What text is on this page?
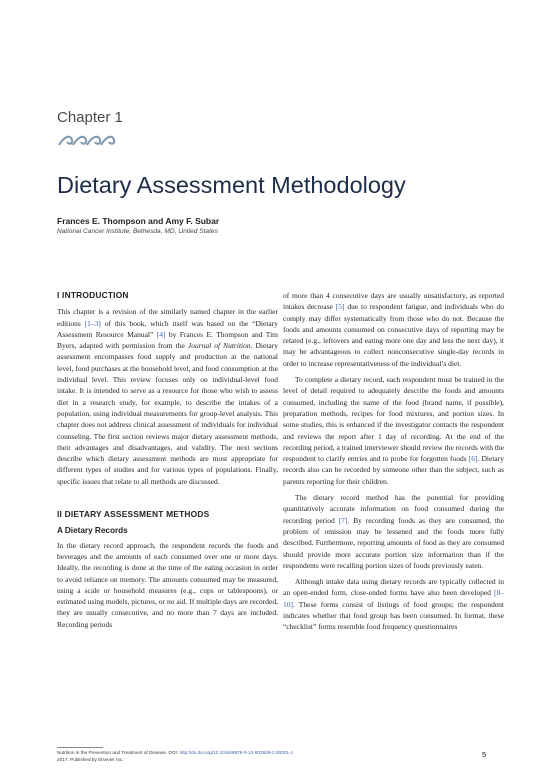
Chapter 1
Dietary Assessment Methodology
Frances E. Thompson and Amy F. Subar
National Cancer Institute, Bethesda, MD, United States
I INTRODUCTION

This chapter is a revision of the similarly named chapter in the earlier editions [1–3] of this book, which itself was based on the “Dietary Assessment Resource Manual” [4] by Frances E. Thompson and Tim Byers, adapted with permission from the Journal of Nutrition. Dietary assessment encompasses food supply and production at the national level, food purchases at the household level, and food consumption at the individual level. This review focuses only on individual-level food intake. It is intended to serve as a resource for those who wish to assess diet in a research study, for example, to describe the intakes of a population, using individual measurements for group-level analysis. This chapter does not address clinical assessment of individuals for individual counseling. The first section reviews major dietary assessment methods, their advantages and disadvantages, and validity. The next sections describe which dietary assessment methods are most appropriate for different types of studies and for various types of populations. Finally, specific issues that relate to all methods are discussed.

II DIETARY ASSESSMENT METHODS
A Dietary Records

In the dietary record approach, the respondent records the foods and beverages and the amounts of each consumed over one or more days. Ideally, the recording is done at the time of the eating occasion in order to avoid reliance on memory. The amounts consumed may be measured, using a scale or household measures (e.g., cups or tablespoons), or estimated using models, pictures, or no aid. If multiple days are recorded, they are usually consecutive, and no more than 7 days are included. Recording periods

of more than 4 consecutive days are usually unsatisfactory, as reported intakes decrease [5] due to respondent fatigue, and individuals who do comply may differ systematically from those who do not. Because the foods and amounts consumed on consecutive days of reporting may be related (e.g., leftovers and eating more one day and less the next day), it may be advantageous to collect nonconsecutive single-day records in order to increase representativeness of the individual’s diet.

To complete a dietary record, each respondent must be trained in the level of detail required to adequately describe the foods and amounts consumed, including the name of the food (brand name, if possible), preparation methods, recipes for food mixtures, and portion sizes. In some studies, this is enhanced if the investigator contacts the respondent and reviews the report after 1 day of recording. At the end of the recording period, a trained interviewer should review the records with the respondent to clarify entries and to probe for forgotten foods [6]. Dietary records also can be recorded by someone other than the subject, such as parents reporting for their children.

The dietary record method has the potential for providing quantitatively accurate information on food consumed during the recording period [7]. By recording foods as they are consumed, the problem of omission may be lessened and the foods more fully described. Furthermore, reporting amounts of food as they are consumed should provide more accurate portion size information than if the respondents were recalling portion sizes of foods previously eaten.

Although intake data using dietary records are typically collected in an open-ended form, close-ended forms have also been developed [8–10]. These forms consist of listings of food groups; the respondent indicates whether that food group has been consumed. In format, these “checklist” forms resemble food frequency questionnaires

Nutrition in the Prevention and Treatment of Disease. DOI: http://dx.doi.org/10.1016/B978-0-12-802928-2.00001-1
2017. Published by Elsevier Inc.
5
